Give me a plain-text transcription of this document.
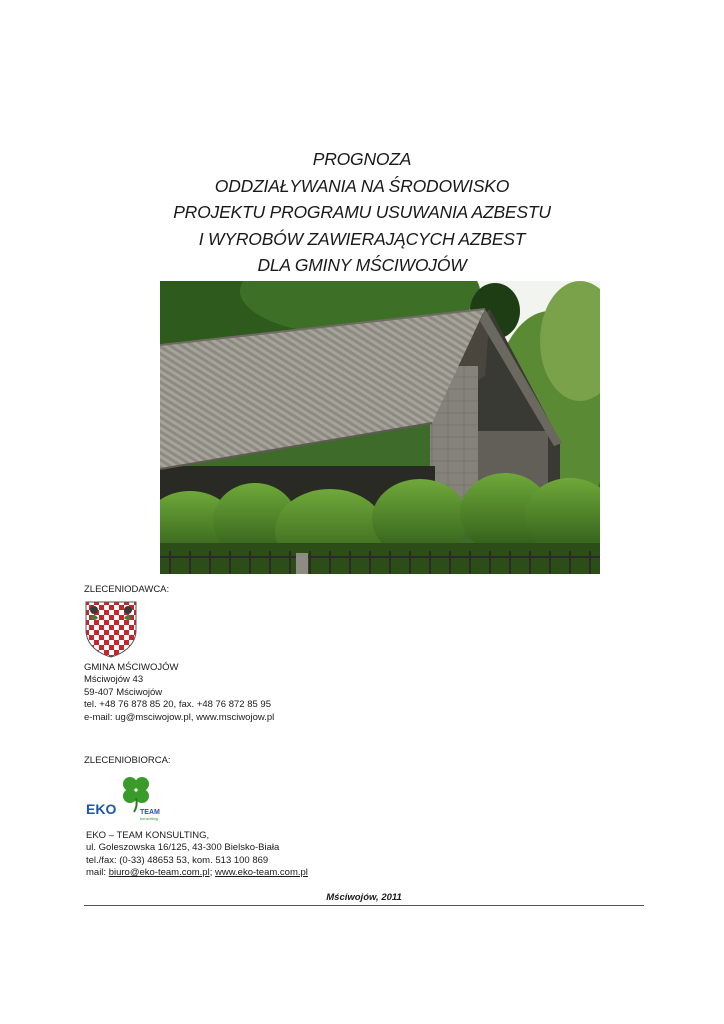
PROGNOZA
ODDZIAŁYWANIA NA ŚRODOWISKO
PROJEKTU PROGRAMU USUWANIA AZBESTU
I WYROBÓW ZAWIERAJĄCYCH AZBEST
DLA GMINY MŚCIWOJÓW
ZLECENIODAWCA:
GMINA MŚCIWOJÓW
Mściwojów 43
59-407 Mściwojów
tel. +48 76 878 85 20, fax. +48 76 872 85 95
e-mail: ug@msciwojow.pl, www.msciwojow.pl
ZLECENIOBIORCA:
EKO	TEAM
konsulting
EKO – TEAM KONSULTING,
ul. Goleszowska 16/125, 43-300 Bielsko-Biała
tel./fax: (0-33) 48653 53, kom. 513 100 869
mail: biuro@eko-team.com.pl; www.eko-team.com.pl
Mściwojów, 2011
